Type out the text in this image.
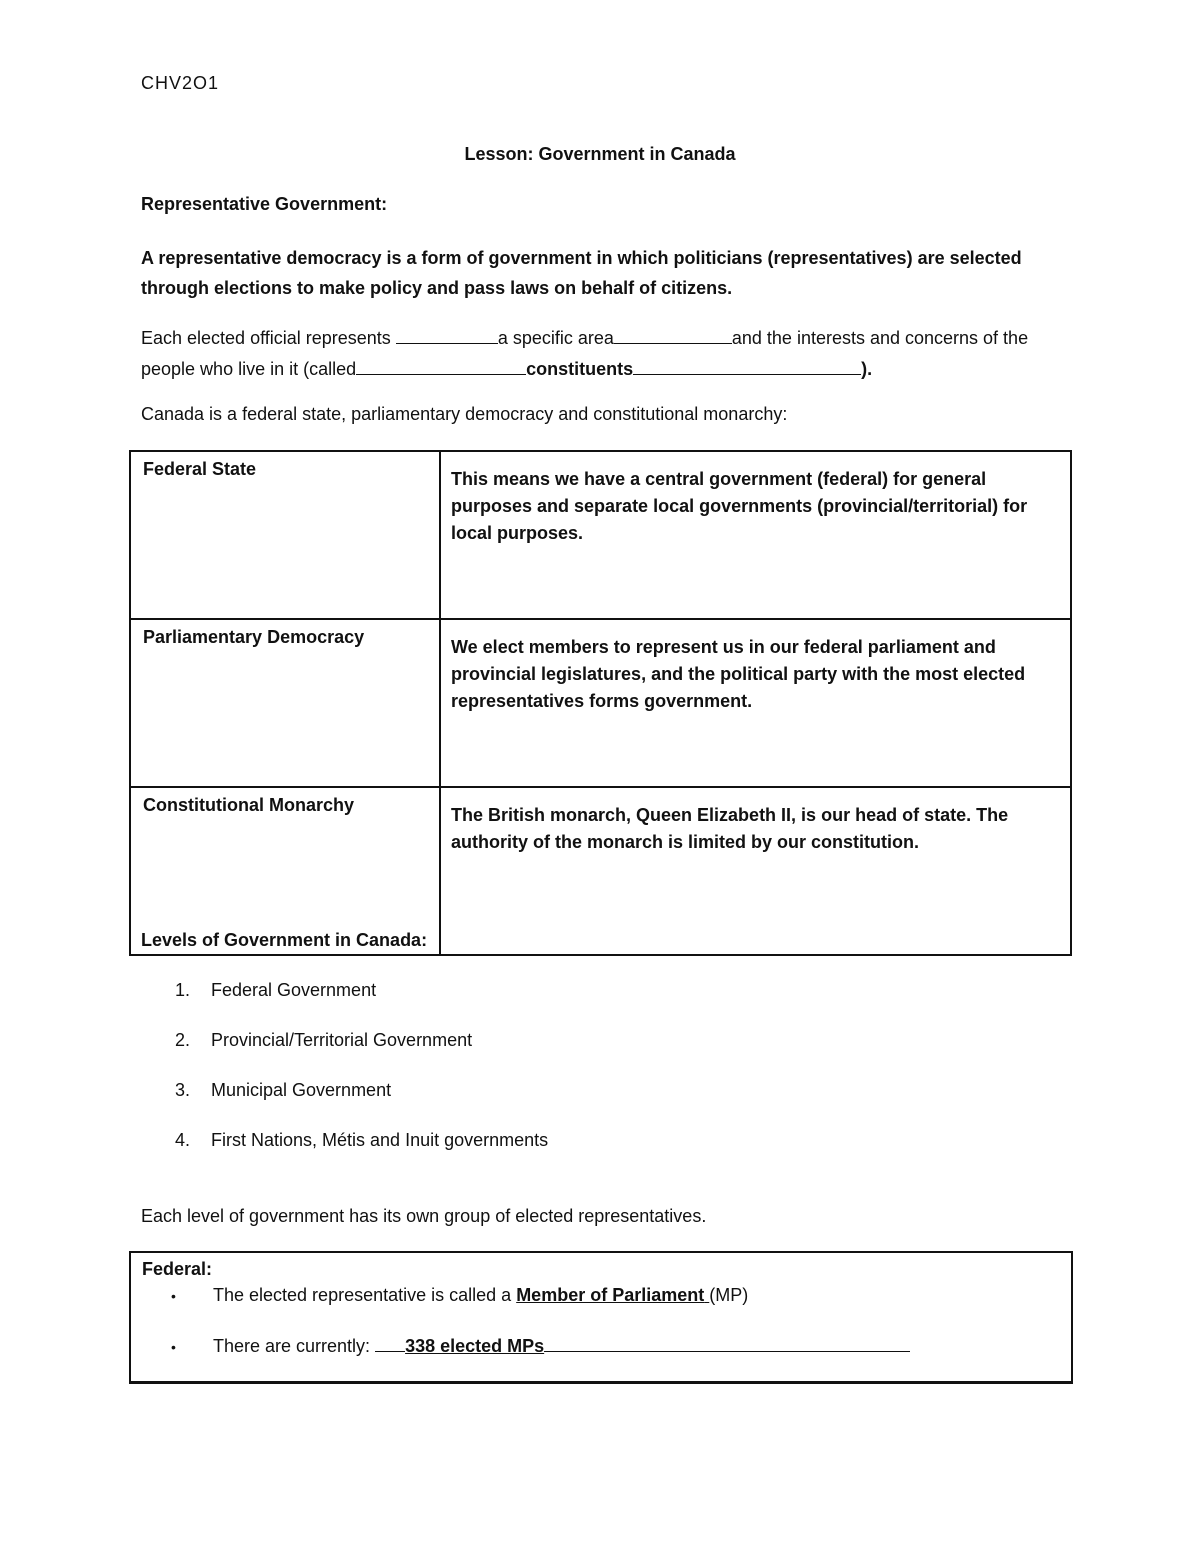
CHV2O1
Lesson: Government in Canada
Representative Government:
A representative democracy is a form of government in which politicians (representatives) are selected through elections to make policy and pass laws on behalf of citizens.
Each elected official represents	a specific area	and the interests and concerns of the people who live in it (called	constituents	).
Canada is a federal state, parliamentary democracy and constitutional monarchy:
Federal State	This means we have a central government (federal) for general purposes and separate local governments (provincial/territorial) for local purposes.
Parliamentary Democracy	We elect members to represent us in our federal parliament and provincial legislatures, and the political party with the most elected representatives forms government.
Constitutional Monarchy	The British monarch, Queen Elizabeth II, is our head of state. The authority of the monarch is limited by our constitution.
Levels of Government in Canada:
1.	Federal Government
2.	Provincial/Territorial Government
3.	Municipal Government
4.	First Nations, Métis and Inuit governments
Each level of government has its own group of elected representatives.
Federal:
•	The elected representative is called a Member of Parliament (MP)
•	There are currently: 338 elected MPs
